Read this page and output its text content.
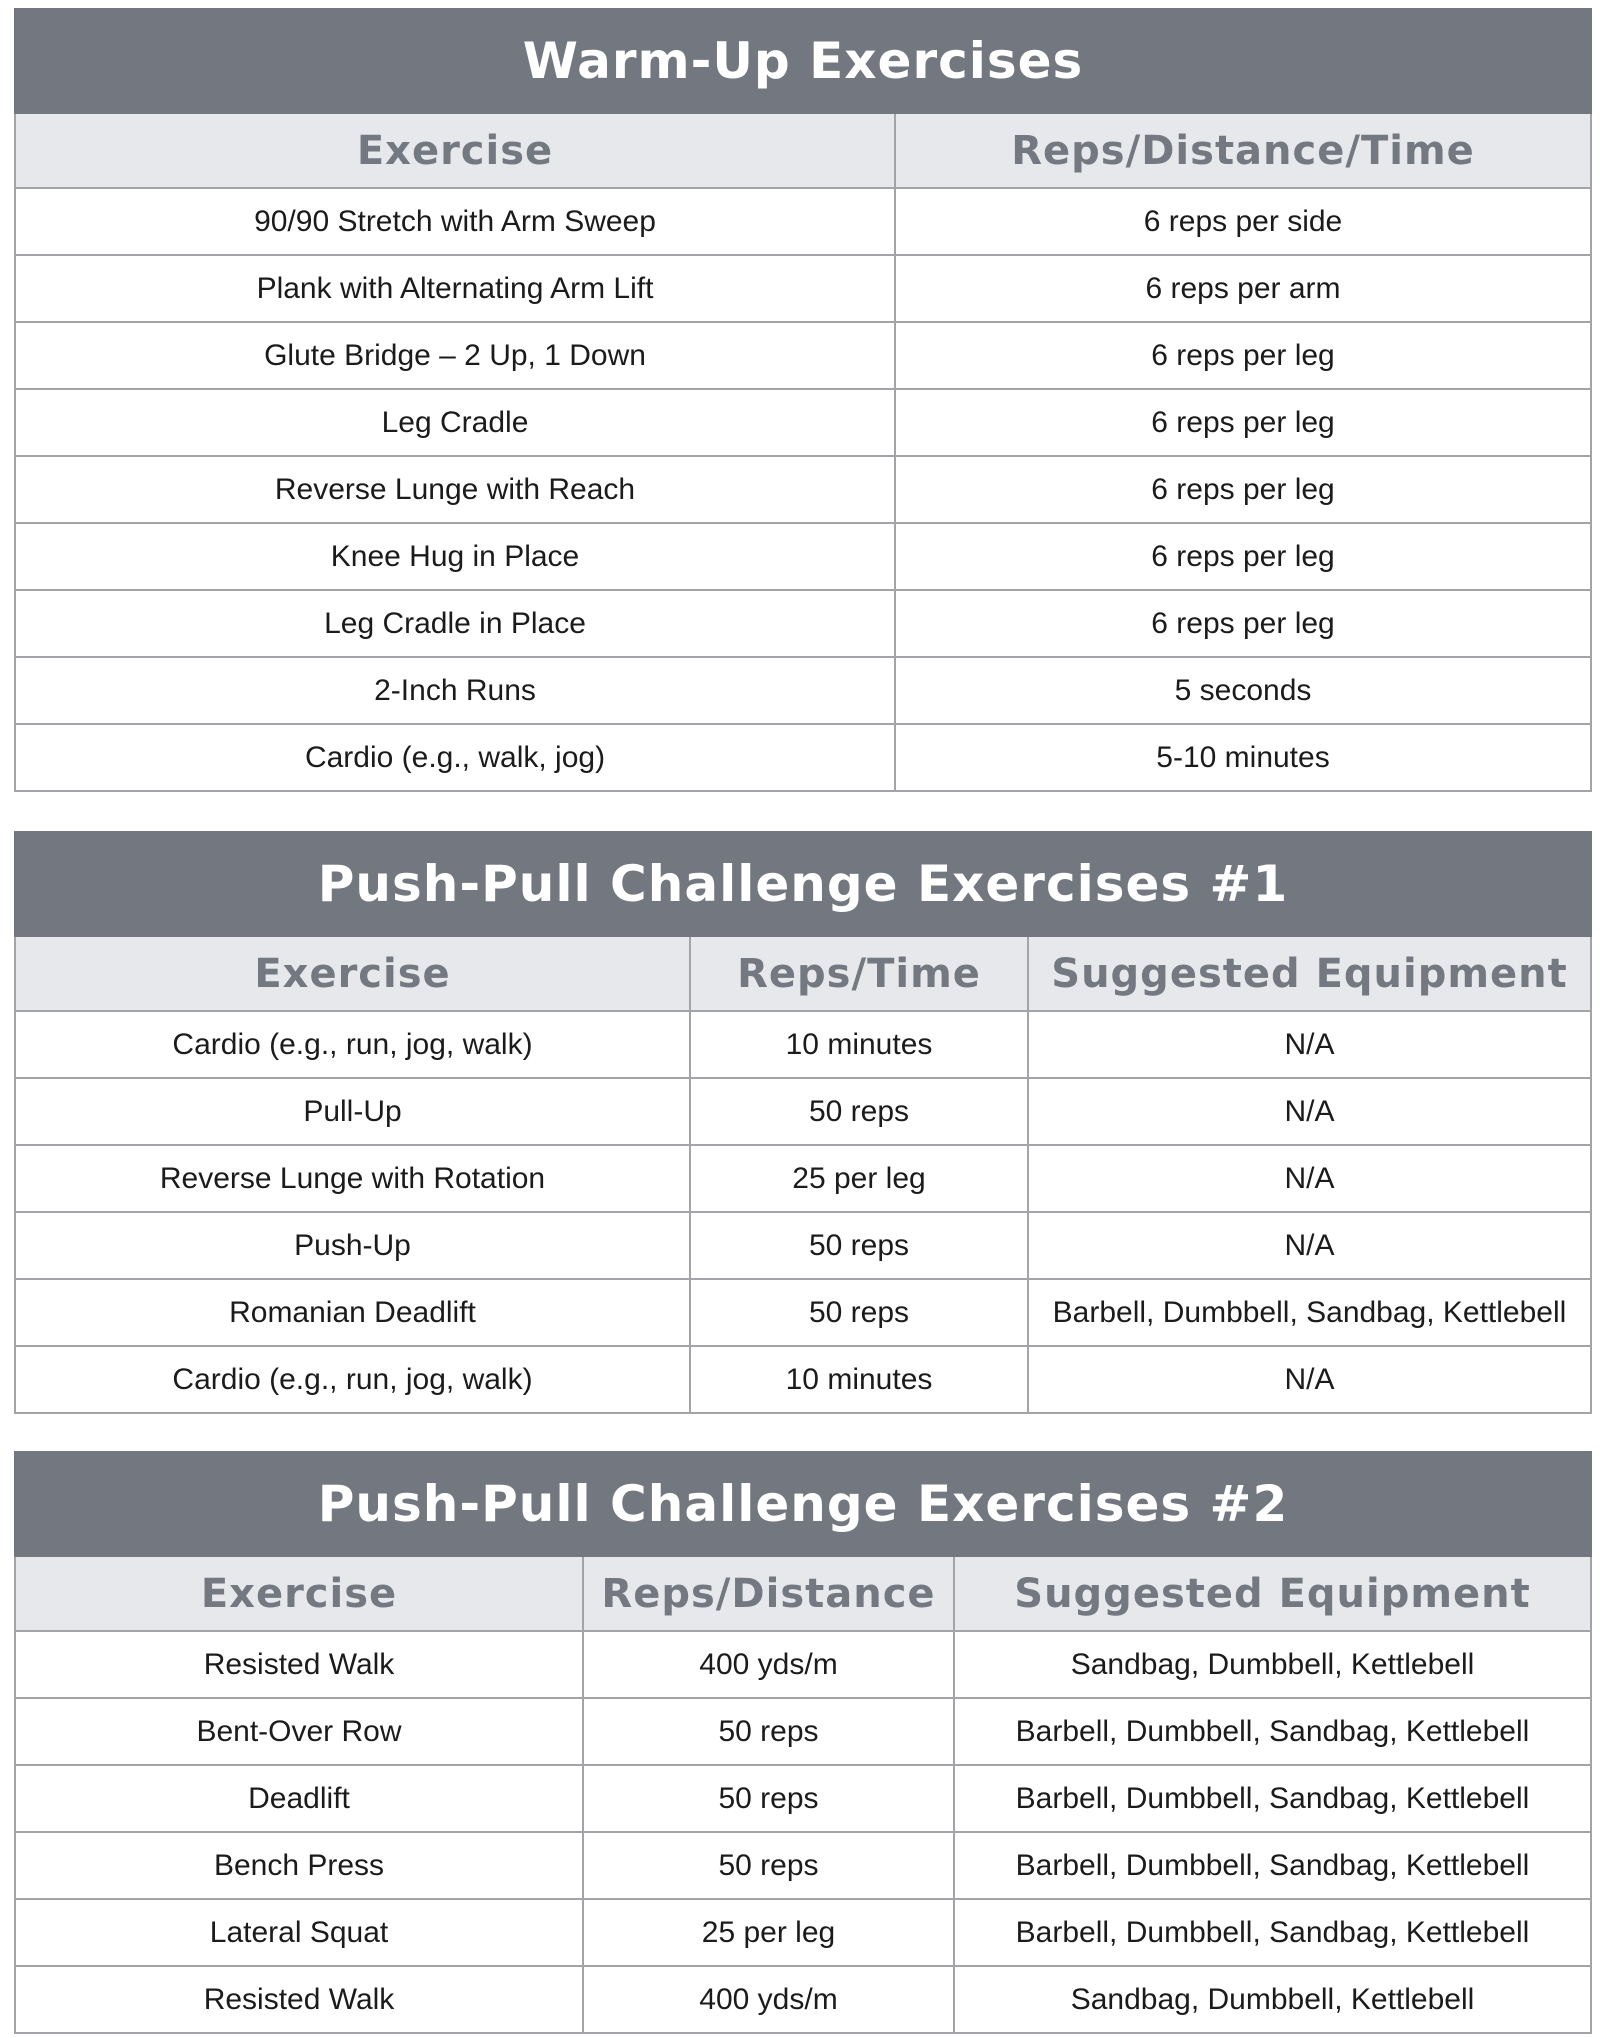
Warm-Up Exercises	
Exercise	Reps/Distance/Time
90/90 Stretch with Arm Sweep	6 reps per side
Plank with Alternating Arm Lift	6 reps per arm
Glute Bridge – 2 Up, 1 Down	6 reps per leg
Leg Cradle	6 reps per leg
Reverse Lunge with Reach	6 reps per leg
Knee Hug in Place	6 reps per leg
Leg Cradle in Place	6 reps per leg
2-Inch Runs	5 seconds
Cardio (e.g., walk, jog)	5-10 minutes
Push-Pull Challenge Exercises #1		
Exercise	Reps/Time	Suggested Equipment
Cardio (e.g., run, jog, walk)	10 minutes	N/A
Pull-Up	50 reps	N/A
Reverse Lunge with Rotation	25 per leg	N/A
Push-Up	50 reps	N/A
Romanian Deadlift	50 reps	Barbell, Dumbbell, Sandbag, Kettlebell
Cardio (e.g., run, jog, walk)	10 minutes	N/A
Push-Pull Challenge Exercises #2		
Exercise	Reps/Distance	Suggested Equipment
Resisted Walk	400 yds/m	Sandbag, Dumbbell, Kettlebell
Bent-Over Row	50 reps	Barbell, Dumbbell, Sandbag, Kettlebell
Deadlift	50 reps	Barbell, Dumbbell, Sandbag, Kettlebell
Bench Press	50 reps	Barbell, Dumbbell, Sandbag, Kettlebell
Lateral Squat	25 per leg	Barbell, Dumbbell, Sandbag, Kettlebell
Resisted Walk	400 yds/m	Sandbag, Dumbbell, Kettlebell
